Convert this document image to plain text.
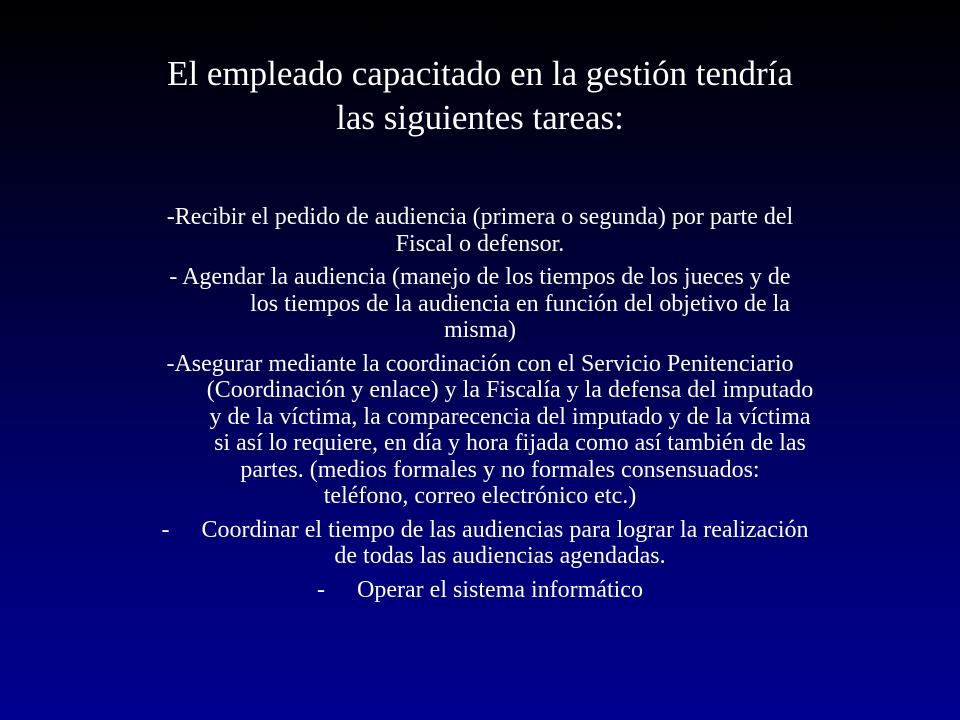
El empleado capacitado en la gestión tendría
las siguientes tareas:

-Recibir el pedido de audiencia (primera o segunda) por parte del
Fiscal o defensor.

- Agendar la audiencia (manejo de los tiempos de los jueces y de
los tiempos de la audiencia en función del objetivo de la
misma)

-Asegurar mediante la coordinación con el Servicio Penitenciario
(Coordinación y enlace) y la Fiscalía y la defensa del imputado
y de la víctima, la comparecencia del imputado y de la víctima
si así lo requiere, en día y hora fijada como así también de las
partes. (medios formales y no formales consensuados:
teléfono, correo electrónico etc.)

- Coordinar el tiempo de las audiencias para lograr la realización
de todas las audiencias agendadas.

- Operar el sistema informático
